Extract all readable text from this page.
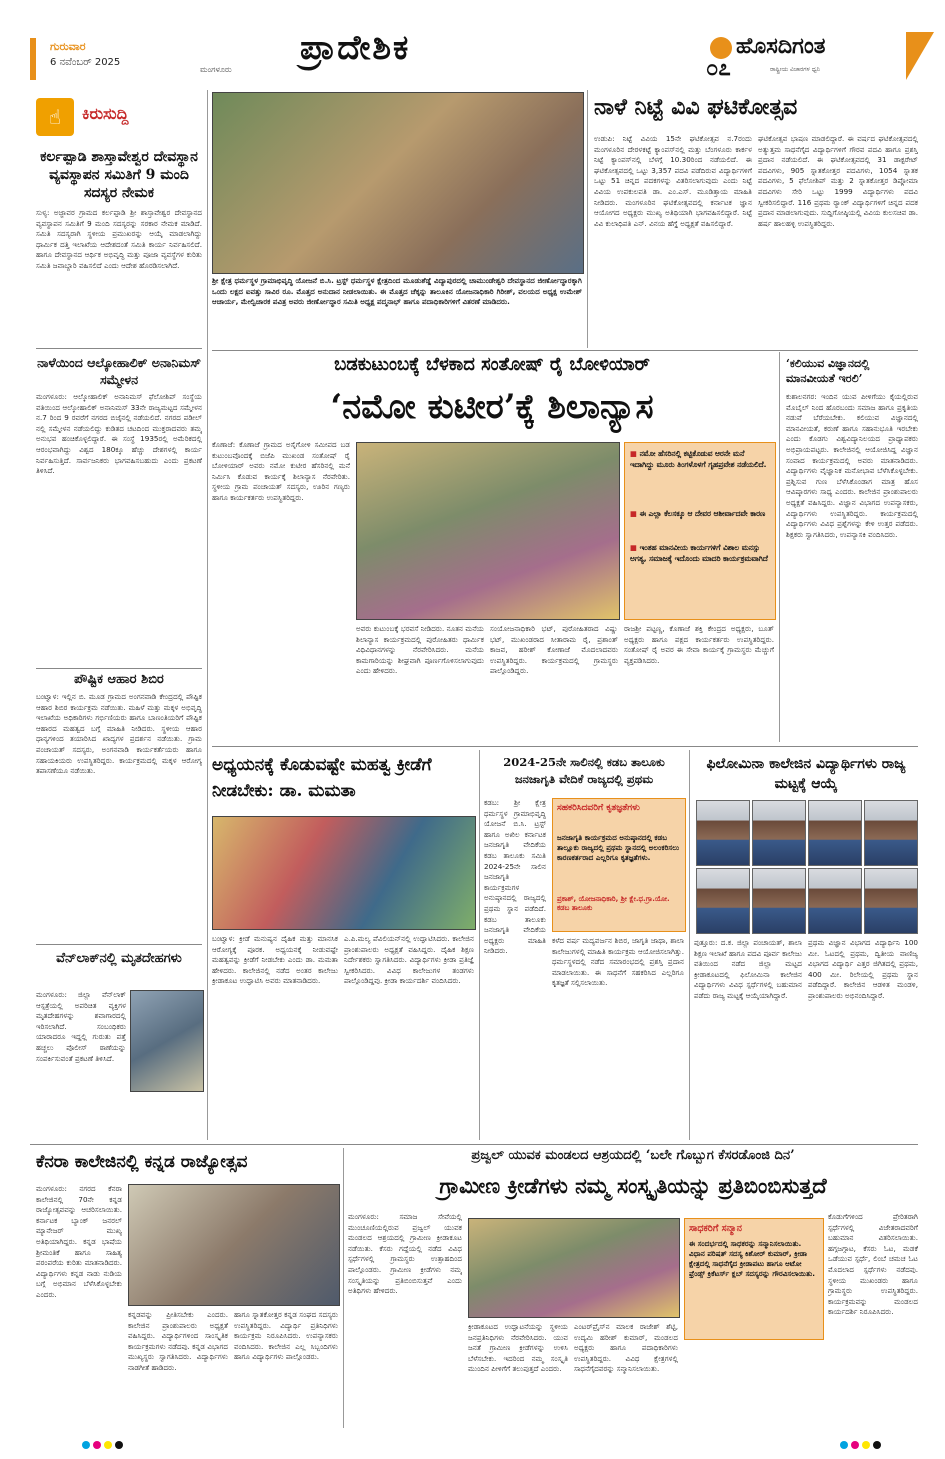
ಗುರುವಾರ
6 ನವೆಂಬರ್ 2025
ಮಂಗಳೂರು
ಪ್ರಾದೇಶಿಕ	ಹೊಸದಿಗಂತ
ರಾಷ್ಟ್ರೀಯ ವಿಚಾರಗಳ ಧ್ವನಿ
೦೭
☝	ಕಿರುಸುದ್ದಿ
ಕರ್ಲಪ್ಪಾಡಿ ಶಾಸ್ತಾವೇಶ್ವರ ದೇವಸ್ಥಾನ ವ್ಯವಸ್ಥಾಪನ ಸಮಿತಿಗೆ 9 ಮಂದಿ ಸದಸ್ಯರ ನೇಮಕ
ಸುಳ್ಯ: ಅಜ್ಜಾವರ ಗ್ರಾಮದ ಕರ್ಲಪ್ಪಾಡಿ ಶ್ರೀ ಶಾಸ್ತಾವೇಶ್ವರ ದೇವಸ್ಥಾನದ ವ್ಯವಸ್ಥಾಪನ ಸಮಿತಿಗೆ 9 ಮಂದಿ ಸದಸ್ಯರನ್ನು ಸರಕಾರ ನೇಮಕ ಮಾಡಿದೆ. ಸಮಿತಿ ಸದಸ್ಯರಾಗಿ ಸ್ಥಳೀಯ ಪ್ರಮುಖರನ್ನು ಆಯ್ಕೆ ಮಾಡಲಾಗಿದ್ದು ಧಾರ್ಮಿಕ ದತ್ತಿ ಇಲಾಖೆಯ ಆದೇಶದಂತೆ ಸಮಿತಿ ಕಾರ್ಯ ನಿರ್ವಹಿಸಲಿದೆ. ಹಾಗೂ ದೇವಸ್ಥಾನದ ಆರ್ಥಿಕ ಅಭಿವೃದ್ಧಿ ಮತ್ತು ಪೂಜಾ ವ್ಯವಸ್ಥೆಗಳ ಕುರಿತು ಸಮಿತಿ ಜವಾಬ್ದಾರಿ ವಹಿಸಲಿದೆ ಎಂದು ಆದೇಶ ಹೊರಡಿಸಲಾಗಿದೆ.
ನಾಳೆಯಿಂದ ಆಲ್ಕೋಹಾಲಿಕ್ ಅನಾನಿಮಸ್ ಸಮ್ಮೇಳನ
ಮಂಗಳೂರು: ಆಲ್ಕೋಹಾಲಿಕ್ ಅನಾನಿಮಸ್ ಫೆಲೋಶಿಪ್ ಸಂಸ್ಥೆಯ ವತಿಯಿಂದ ಆಲ್ಕೋಹಾಲಿಕ್ ಅನಾನಿಮಸ್ 33ನೇ ರಾಜ್ಯಮಟ್ಟದ ಸಮ್ಮೇಳನ ನ.7 ರಿಂದ 9 ರವರೆಗೆ ನಗರದ ಬಿಜೈನಲ್ಲಿ ನಡೆಯಲಿದೆ. ನಗರದ ಪಡೀಲ್ ನಲ್ಲಿ ಸಮ್ಮೇಳನ ನಡೆಯಲಿದ್ದು ಕುಡಿತದ ಚಟದಿಂದ ಮುಕ್ತರಾದವರು ತಮ್ಮ ಅನುಭವ ಹಂಚಿಕೊಳ್ಳಲಿದ್ದಾರೆ. ಈ ಸಂಸ್ಥೆ 1935ರಲ್ಲಿ ಅಮೆರಿಕದಲ್ಲಿ ಆರಂಭವಾಗಿದ್ದು ವಿಶ್ವದ 180ಕ್ಕೂ ಹೆಚ್ಚು ದೇಶಗಳಲ್ಲಿ ಕಾರ್ಯ ನಿರ್ವಹಿಸುತ್ತಿದೆ. ಸಾರ್ವಜನಿಕರು ಭಾಗವಹಿಸಬಹುದು ಎಂದು ಪ್ರಕಟಣೆ ತಿಳಿಸಿದೆ.
ಪೌಷ್ಟಿಕ ಆಹಾರ ಶಿಬಿರ
ಬಂಟ್ವಾಳ: ಇಲ್ಲಿನ ಬಿ. ಮೂಡ ಗ್ರಾಮದ ಅಂಗನವಾಡಿ ಕೇಂದ್ರದಲ್ಲಿ ಪೌಷ್ಟಿಕ ಆಹಾರ ಶಿಬಿರ ಕಾರ್ಯಕ್ರಮ ನಡೆಯಿತು. ಮಹಿಳೆ ಮತ್ತು ಮಕ್ಕಳ ಅಭಿವೃದ್ಧಿ ಇಲಾಖೆಯ ಅಧಿಕಾರಿಗಳು ಗರ್ಭಿಣಿಯರು ಹಾಗೂ ಬಾಣಂತಿಯರಿಗೆ ಪೌಷ್ಟಿಕ ಆಹಾರದ ಮಹತ್ವದ ಬಗ್ಗೆ ಮಾಹಿತಿ ನೀಡಿದರು. ಸ್ಥಳೀಯ ಆಹಾರ ಧಾನ್ಯಗಳಿಂದ ತಯಾರಿಸಿದ ಖಾದ್ಯಗಳ ಪ್ರದರ್ಶನ ನಡೆಯಿತು. ಗ್ರಾಮ ಪಂಚಾಯತ್ ಸದಸ್ಯರು, ಅಂಗನವಾಡಿ ಕಾರ್ಯಕರ್ತೆಯರು ಹಾಗೂ ಸಹಾಯಕಿಯರು ಉಪಸ್ಥಿತರಿದ್ದರು. ಕಾರ್ಯಕ್ರಮದಲ್ಲಿ ಮಕ್ಕಳ ಆರೋಗ್ಯ ತಪಾಸಣೆಯೂ ನಡೆಯಿತು.
ವೆನ್‌ಲಾಕ್‌ನಲ್ಲಿ ಮೃತದೇಹಗಳು
ಮಂಗಳೂರು: ಜಿಲ್ಲಾ ವೆನ್‌ಲಾಕ್ ಆಸ್ಪತ್ರೆಯಲ್ಲಿ ಅಪರಿಚಿತ ವ್ಯಕ್ತಿಗಳ ಮೃತದೇಹಗಳನ್ನು ಶವಾಗಾರದಲ್ಲಿ ಇರಿಸಲಾಗಿದೆ. ಸಂಬಂಧಿಕರು ಯಾರಾದರೂ ಇದ್ದಲ್ಲಿ ಗುರುತು ಪತ್ತೆ ಹಚ್ಚಲು ಪೊಲೀಸ್ ಠಾಣೆಯನ್ನು ಸಂಪರ್ಕಿಸುವಂತೆ ಪ್ರಕಟಣೆ ತಿಳಿಸಿದೆ.
ಶ್ರೀ ಕ್ಷೇತ್ರ ಧರ್ಮಸ್ಥಳ ಗ್ರಾಮಾಭಿವೃದ್ಧಿ ಯೋಜನೆ ಬಿ.ಸಿ. ಟ್ರಸ್ಟ್ ಧರ್ಮಸ್ಥಳ ಕ್ಷೇತ್ರದಿಂದ ಮೂಡುಶೆಡ್ಡೆ ವಿದ್ಯಾಪುರದಲ್ಲಿ ಚಾಮುಂಡೇಶ್ವರಿ ದೇವಸ್ಥಾನದ ಜೀರ್ಣೋದ್ಧಾರಕ್ಕಾಗಿ ಒಂದು ಲಕ್ಷದ ಐವತ್ತು ಸಾವಿರ ರೂ. ಮೊತ್ತದ ಅನುದಾನ ನೀಡಲಾಯಿತು. ಈ ಮೊತ್ತದ ಚೆಕ್ಕನ್ನು ತಾಲೂಕಿನ ಯೋಜನಾಧಿಕಾರಿ ಗಿರೀಶ್, ವಲಯದ ಅಧ್ಯಕ್ಷ ಉಮೇಶ್ ಆಚಾರ್ಯ, ಮೇಲ್ವಿಚಾರಕ ಪವಿತ್ರ ಅವರು ಜೀರ್ಣೋದ್ಧಾರ ಸಮಿತಿ ಅಧ್ಯಕ್ಷ ಪದ್ಮನಾಭ್ ಹಾಗೂ ಪದಾಧಿಕಾರಿಗಳಿಗೆ ವಿತರಣೆ ಮಾಡಿದರು.
ನಾಳೆ ನಿಟ್ಟೆ ವಿವಿ ಘಟಿಕೋತ್ಸವ
ಉಡುಪಿ: ನಿಟ್ಟೆ ವಿವಿಯ 15ನೇ ಘಟಿಕೋತ್ಸವ ನ.7ರಂದು ಮಂಗಳೂರಿನ ದೇರಳಕಟ್ಟೆ ಕ್ಯಾಂಪಸ್‌ನಲ್ಲಿ ಮತ್ತು ಬೆಂಗಳೂರು ಕಾರ್ಕಳ ನಿಟ್ಟೆ ಕ್ಯಾಂಪಸ್‌ನಲ್ಲಿ ಬೆಳಗ್ಗೆ 10.30ರಿಂದ ನಡೆಯಲಿದೆ. ಈ ಘಟಿಕೋತ್ಸವದಲ್ಲಿ ಒಟ್ಟು 3,357 ಪದವಿ ಪಡೆದಿರುವ ವಿದ್ಯಾರ್ಥಿಗಳಿಗೆ ಒಟ್ಟು 51 ಚಿನ್ನದ ಪದಕಗಳನ್ನು ವಿತರಿಸಲಾಗುವುದು ಎಂದು ನಿಟ್ಟೆ ವಿವಿಯ ಉಪಕುಲಪತಿ ಡಾ. ಎಂ.ಎಸ್. ಮೂಡಿತ್ತಾಯ ಮಾಹಿತಿ ನೀಡಿದರು. ಮಂಗಳೂರಿನ ಘಟಿಕೋತ್ಸವದಲ್ಲಿ ಕರ್ನಾಟಕ ಜ್ಞಾನ ಆಯೋಗದ ಅಧ್ಯಕ್ಷರು ಮುಖ್ಯ ಅತಿಥಿಯಾಗಿ ಭಾಗವಹಿಸಲಿದ್ದಾರೆ. ನಿಟ್ಟೆ ವಿವಿ ಕುಲಾಧಿಪತಿ ಎನ್. ವಿನಯ ಹೆಗ್ಡೆ ಅಧ್ಯಕ್ಷತೆ ವಹಿಸಲಿದ್ದಾರೆ.
ಘಟಿಕೋತ್ಸವ ಭಾಷಣ ಮಾಡಲಿದ್ದಾರೆ. ಈ ವರ್ಷದ ಘಟಿಕೋತ್ಸವದಲ್ಲಿ ಅತ್ಯುತ್ತಮ ಸಾಧನೆಗೈದ ವಿದ್ಯಾರ್ಥಿಗಳಿಗೆ ಗೌರವ ಪದವಿ ಹಾಗೂ ಪ್ರಶಸ್ತಿ ಪ್ರದಾನ ನಡೆಯಲಿದೆ. ಈ ಘಟಿಕೋತ್ಸವದಲ್ಲಿ 31 ಡಾಕ್ಟರೇಟ್ ಪದವಿಗಳು, 905 ಸ್ನಾತಕೋತ್ತರ ಪದವಿಗಳು, 1054 ಸ್ನಾತಕ ಪದವಿಗಳು, 5 ಫೆಲೋಶಿಪ್ ಮತ್ತು 2 ಸ್ನಾತಕೋತ್ತರ ಡಿಪ್ಲೋಮಾ ಪದವಿಗಳು ಸೇರಿ ಒಟ್ಟು 1999 ವಿದ್ಯಾರ್ಥಿಗಳು ಪದವಿ ಸ್ವೀಕರಿಸಲಿದ್ದಾರೆ. 116 ಪ್ರಥಮ ರ‍್ಯಾಂಕ್ ವಿದ್ಯಾರ್ಥಿಗಳಿಗೆ ಚಿನ್ನದ ಪದಕ ಪ್ರದಾನ ಮಾಡಲಾಗುವುದು. ಸುದ್ದಿಗೋಷ್ಠಿಯಲ್ಲಿ ವಿವಿಯ ಕುಲಸಚಿವ ಡಾ. ಹರ್ಷ ಹಾಲಹಳ್ಳಿ ಉಪಸ್ಥಿತರಿದ್ದರು.
ಬಡಕುಟುಂಬಕ್ಕೆ ಬೆಳಕಾದ ಸಂತೋಷ್ ರೈ ಬೋಳಿಯಾರ್
‘ನಮೋ ಕುಟೀರ’ಕ್ಕೆ ಶಿಲಾನ್ಯಾಸ
ಕೊಣಾಜೆ: ಕೊಣಾಜೆ ಗ್ರಾಮದ ಅಸೈಗೋಳಿ ಸಮೀಪದ ಬಡ ಕುಟುಂಬವೊಂದಕ್ಕೆ ಬಿಜೆಪಿ ಮುಖಂಡ ಸಂತೋಷ್ ರೈ ಬೋಳಿಯಾರ್ ಅವರು ನಮೋ ಕುಟೀರ ಹೆಸರಿನಲ್ಲಿ ಮನೆ ನಿರ್ಮಿಸಿ ಕೊಡುವ ಕಾರ್ಯಕ್ಕೆ ಶಿಲಾನ್ಯಾಸ ನೆರವೇರಿತು. ಸ್ಥಳೀಯ ಗ್ರಾಮ ಪಂಚಾಯತ್ ಸದಸ್ಯರು, ಊರಿನ ಗಣ್ಯರು ಹಾಗೂ ಕಾರ್ಯಕರ್ತರು ಉಪಸ್ಥಿತರಿದ್ದರು.
■ ನಮೋ ಹೆಸರಿನಲ್ಲಿ ಕಟ್ಟಿಕೊಡುವ ಆರನೇ ಮನೆ ಇದಾಗಿದ್ದು ಮೂರು ತಿಂಗಳೊಳಗೆ ಗೃಹಪ್ರವೇಶ ನಡೆಯಲಿದೆ.
■ ಈ ಎಲ್ಲಾ ಕೆಲಸಕ್ಕೂ ಆ ದೇವರ ಆಶೀರ್ವಾದವೇ ಕಾರಣ
■ ಇಂತಹ ಮಾನವೀಯ ಕಾರ್ಯಗಳಿಗೆ ವಿಶಾಲ ಮನಸ್ಸು ಅಗತ್ಯ, ಸಮಾಜಕ್ಕೆ ಇದೊಂದು ಮಾದರಿ ಕಾರ್ಯಕ್ರಮವಾಗಿದೆ
ಅವರು ಕುಟುಂಬಕ್ಕೆ ಭರವಸೆ ನೀಡಿದರು. ನೂತನ ಮನೆಯ ಶಿಲಾನ್ಯಾಸ ಕಾರ್ಯಕ್ರಮದಲ್ಲಿ ಪುರೋಹಿತರು ಧಾರ್ಮಿಕ ವಿಧಿವಿಧಾನಗಳನ್ನು ನೆರವೇರಿಸಿದರು. ಮನೆಯ ಕಾಮಗಾರಿಯನ್ನು ಶೀಘ್ರವಾಗಿ ಪೂರ್ಣಗೊಳಿಸಲಾಗುವುದು ಎಂದು ಹೇಳಿದರು.
ಸಂಯೋಜನಾಧಿಕಾರಿ ಭಟ್, ಪುರೋಹಿತರಾದ ವಿಷ್ಣು ಭಟ್, ಮುಖಂಡರಾದ ಸೀತಾರಾಮ ರೈ, ಪ್ರಶಾಂತ್ ಕಾಜವ, ಹರೀಶ್ ಕೋಣಾಜೆ ಮೊದಲಾದವರು ಉಪಸ್ಥಿತರಿದ್ದರು. ಕಾರ್ಯಕ್ರಮದಲ್ಲಿ ಗ್ರಾಮಸ್ಥರು ಪಾಲ್ಗೊಂಡಿದ್ದರು.
ರಾಜಶ್ರೀ ಪಟ್ಟಣ್ಣ, ಕೊಣಾಜೆ ಶಕ್ತಿ ಕೇಂದ್ರದ ಅಧ್ಯಕ್ಷರು, ಬೂತ್ ಅಧ್ಯಕ್ಷರು ಹಾಗೂ ಪಕ್ಷದ ಕಾರ್ಯಕರ್ತರು ಉಪಸ್ಥಿತರಿದ್ದರು. ಸಂತೋಷ್ ರೈ ಅವರ ಈ ಸೇವಾ ಕಾರ್ಯಕ್ಕೆ ಗ್ರಾಮಸ್ಥರು ಮೆಚ್ಚುಗೆ ವ್ಯಕ್ತಪಡಿಸಿದರು.
‘ಕಲಿಯುವ ವಿಜ್ಞಾನದಲ್ಲಿ ಮಾನವೀಯತೆ ಇರಲಿ’
ಕುಶಾಲನಗರ: ಇಂದಿನ ಯುವ ಪೀಳಿಗೆಯು ಕೈಯಲ್ಲಿರುವ ಮೊಬೈಲ್ ನಿಂದ ಹೊರಬಂದು ಸಮಾಜ ಹಾಗೂ ಪ್ರಕೃತಿಯ ನಡುವೆ ಬೆರೆಯಬೇಕು. ಕಲಿಯುವ ವಿಜ್ಞಾನದಲ್ಲಿ ಮಾನವೀಯತೆ, ಕರುಣೆ ಹಾಗೂ ಸಹಾನುಭೂತಿ ಇರಬೇಕು ಎಂದು ಕೊಡಗು ವಿಶ್ವವಿದ್ಯಾನಿಲಯದ ಪ್ರಾಧ್ಯಾಪಕರು ಅಭಿಪ್ರಾಯಪಟ್ಟರು. ಕಾಲೇಜಿನಲ್ಲಿ ಆಯೋಜಿಸಿದ್ದ ವಿಜ್ಞಾನ ಸಂವಾದ ಕಾರ್ಯಕ್ರಮದಲ್ಲಿ ಅವರು ಮಾತನಾಡಿದರು. ವಿದ್ಯಾರ್ಥಿಗಳು ವೈಜ್ಞಾನಿಕ ಮನೋಭಾವ ಬೆಳೆಸಿಕೊಳ್ಳಬೇಕು. ಪ್ರಶ್ನಿಸುವ ಗುಣ ಬೆಳೆಸಿಕೊಂಡಾಗ ಮಾತ್ರ ಹೊಸ ಆವಿಷ್ಕಾರಗಳು ಸಾಧ್ಯ ಎಂದರು. ಕಾಲೇಜಿನ ಪ್ರಾಂಶುಪಾಲರು ಅಧ್ಯಕ್ಷತೆ ವಹಿಸಿದ್ದರು. ವಿಜ್ಞಾನ ವಿಭಾಗದ ಉಪನ್ಯಾಸಕರು, ವಿದ್ಯಾರ್ಥಿಗಳು ಉಪಸ್ಥಿತರಿದ್ದರು. ಕಾರ್ಯಕ್ರಮದಲ್ಲಿ ವಿದ್ಯಾರ್ಥಿಗಳು ವಿವಿಧ ಪ್ರಶ್ನೆಗಳನ್ನು ಕೇಳಿ ಉತ್ತರ ಪಡೆದರು. ಶಿಕ್ಷಕರು ಸ್ವಾಗತಿಸಿದರು, ಉಪನ್ಯಾಸಕಿ ವಂದಿಸಿದರು.
ಅಧ್ಯಯನಕ್ಕೆ ಕೊಡುವಷ್ಟೇ ಮಹತ್ವ ಕ್ರೀಡೆಗೆ ನೀಡಬೇಕು: ಡಾ. ಮಮತಾ
ಬಂಟ್ವಾಳ: ಕ್ರೀಡೆ ಮನುಷ್ಯನ ದೈಹಿಕ ಮತ್ತು ಮಾನಸಿಕ ಆರೋಗ್ಯಕ್ಕೆ ಪೂರಕ. ಅಧ್ಯಯನಕ್ಕೆ ನೀಡುವಷ್ಟೇ ಮಹತ್ವವನ್ನು ಕ್ರೀಡೆಗೆ ನೀಡಬೇಕು ಎಂದು ಡಾ. ಮಮತಾ ಹೇಳಿದರು. ಕಾಲೇಜಿನಲ್ಲಿ ನಡೆದ ಅಂತರ ಕಾಲೇಜು ಕ್ರೀಡಾಕೂಟ ಉದ್ಘಾಟಿಸಿ ಅವರು ಮಾತನಾಡಿದರು.
ಎ.ಪಿ.ಮಲ್ಯ ಪೆವಿಲಿಯನ್‌ನಲ್ಲಿ ಉದ್ಘಾಟಿಸಿದರು. ಕಾಲೇಜಿನ ಪ್ರಾಂಶುಪಾಲರು ಅಧ್ಯಕ್ಷತೆ ವಹಿಸಿದ್ದರು. ದೈಹಿಕ ಶಿಕ್ಷಣ ನಿರ್ದೇಶಕರು ಸ್ವಾಗತಿಸಿದರು. ವಿದ್ಯಾರ್ಥಿಗಳು ಕ್ರೀಡಾ ಪ್ರತಿಜ್ಞೆ ಸ್ವೀಕರಿಸಿದರು. ವಿವಿಧ ಕಾಲೇಜುಗಳ ತಂಡಗಳು ಪಾಲ್ಗೊಂಡಿದ್ದವು. ಕ್ರೀಡಾ ಕಾರ್ಯದರ್ಶಿ ವಂದಿಸಿದರು.
2024-25ನೇ ಸಾಲಿನಲ್ಲಿ ಕಡಬ ತಾಲೂಕು ಜನಜಾಗೃತಿ ವೇದಿಕೆ ರಾಜ್ಯದಲ್ಲಿ ಪ್ರಥಮ
ಕಡಬ: ಶ್ರೀ ಕ್ಷೇತ್ರ ಧರ್ಮಸ್ಥಳ ಗ್ರಾಮಾಭಿವೃದ್ಧಿ ಯೋಜನೆ ಬಿ.ಸಿ. ಟ್ರಸ್ಟ್ ಹಾಗೂ ಅಖಿಲ ಕರ್ನಾಟಕ ಜನಜಾಗೃತಿ ವೇದಿಕೆಯ ಕಡಬ ತಾಲೂಕು ಸಮಿತಿ 2024-25ನೇ ಸಾಲಿನ ಜನಜಾಗೃತಿ ಕಾರ್ಯಕ್ರಮಗಳ ಅನುಷ್ಠಾನದಲ್ಲಿ ರಾಜ್ಯದಲ್ಲಿ ಪ್ರಥಮ ಸ್ಥಾನ ಪಡೆದಿದೆ. ಕಡಬ ತಾಲೂಕು ಜನಜಾಗೃತಿ ವೇದಿಕೆಯ ಅಧ್ಯಕ್ಷರು ಮಾಹಿತಿ ನೀಡಿದರು.
ಸಹಕರಿಸಿದವರಿಗೆ ಕೃತಜ್ಞತೆಗಳು
ಜನಜಾಗೃತಿ ಕಾರ್ಯಕ್ರಮದ ಅನುಷ್ಠಾನದಲ್ಲಿ ಕಡಬ ತಾಲ್ಲೂಕು ರಾಜ್ಯದಲ್ಲಿ ಪ್ರಥಮ ಸ್ಥಾನದಲ್ಲಿ ಅಲಂಕರಿಸಲು ಕಾರಣಕರ್ತರಾದ ಎಲ್ಲರಿಗೂ ಕೃತಜ್ಞತೆಗಳು.
ಪ್ರಕಾಶ್, ಯೋಜನಾಧಿಕಾರಿ, ಶ್ರೀ ಕ್ಷೇ.ಧ.ಗ್ರಾ.ಯೋ. ಕಡಬ ತಾಲೂಕು
ಕಳೆದ ವರ್ಷ ಮದ್ಯವರ್ಜನ ಶಿಬಿರ, ಜಾಗೃತಿ ಜಾಥಾ, ಶಾಲಾ ಕಾಲೇಜುಗಳಲ್ಲಿ ಮಾಹಿತಿ ಕಾರ್ಯಕ್ರಮ ಆಯೋಜಿಸಲಾಗಿತ್ತು. ಧರ್ಮಸ್ಥಳದಲ್ಲಿ ನಡೆದ ಸಮಾರಂಭದಲ್ಲಿ ಪ್ರಶಸ್ತಿ ಪ್ರದಾನ ಮಾಡಲಾಯಿತು. ಈ ಸಾಧನೆಗೆ ಸಹಕರಿಸಿದ ಎಲ್ಲರಿಗೂ ಕೃತಜ್ಞತೆ ಸಲ್ಲಿಸಲಾಯಿತು.
ಫಿಲೋಮಿನಾ ಕಾಲೇಜಿನ ವಿದ್ಯಾರ್ಥಿಗಳು ರಾಜ್ಯ ಮಟ್ಟಕ್ಕೆ ಆಯ್ಕೆ
ಪುತ್ತೂರು: ದ.ಕ. ಜಿಲ್ಲಾ ಪಂಚಾಯತ್, ಶಾಲಾ ಶಿಕ್ಷಣ ಇಲಾಖೆ ಹಾಗೂ ಪದವಿ ಪೂರ್ವ ಕಾಲೇಜು ವತಿಯಿಂದ ನಡೆದ ಜಿಲ್ಲಾ ಮಟ್ಟದ ಕ್ರೀಡಾಕೂಟದಲ್ಲಿ ಫಿಲೋಮಿನಾ ಕಾಲೇಜಿನ ವಿದ್ಯಾರ್ಥಿಗಳು ವಿವಿಧ ಸ್ಪರ್ಧೆಗಳಲ್ಲಿ ಬಹುಮಾನ ಪಡೆದು ರಾಜ್ಯ ಮಟ್ಟಕ್ಕೆ ಆಯ್ಕೆಯಾಗಿದ್ದಾರೆ.
ಪ್ರಥಮ ವಿಜ್ಞಾನ ವಿಭಾಗದ ವಿದ್ಯಾರ್ಥಿನಿ 100 ಮೀ. ಓಟದಲ್ಲಿ ಪ್ರಥಮ, ದ್ವಿತೀಯ ವಾಣಿಜ್ಯ ವಿಭಾಗದ ವಿದ್ಯಾರ್ಥಿ ಎತ್ತರ ಜಿಗಿತದಲ್ಲಿ ಪ್ರಥಮ, 400 ಮೀ. ರಿಲೇಯಲ್ಲಿ ಪ್ರಥಮ ಸ್ಥಾನ ಪಡೆದಿದ್ದಾರೆ. ಕಾಲೇಜಿನ ಆಡಳಿತ ಮಂಡಳಿ, ಪ್ರಾಂಶುಪಾಲರು ಅಭಿನಂದಿಸಿದ್ದಾರೆ.
ಕೆನರಾ ಕಾಲೇಜಿನಲ್ಲಿ ಕನ್ನಡ ರಾಜ್ಯೋತ್ಸವ
ಮಂಗಳೂರು: ನಗರದ ಕೆನರಾ ಕಾಲೇಜಿನಲ್ಲಿ 70ನೇ ಕನ್ನಡ ರಾಜ್ಯೋತ್ಸವವನ್ನು ಆಚರಿಸಲಾಯಿತು. ಕರ್ನಾಟಕ ಬ್ಯಾಂಕ್ ಜನರಲ್ ಮ್ಯಾನೇಜರ್ ಮುಖ್ಯ ಅತಿಥಿಯಾಗಿದ್ದರು. ಕನ್ನಡ ಭಾಷೆಯ ಶ್ರೀಮಂತಿಕೆ ಹಾಗೂ ಸಾಹಿತ್ಯ ಪರಂಪರೆಯ ಕುರಿತು ಮಾತನಾಡಿದರು. ವಿದ್ಯಾರ್ಥಿಗಳು ಕನ್ನಡ ನಾಡು ನುಡಿಯ ಬಗ್ಗೆ ಅಭಿಮಾನ ಬೆಳೆಸಿಕೊಳ್ಳಬೇಕು ಎಂದರು.
ಕನ್ನಡವನ್ನು ಪ್ರೀತಿಸಬೇಕು ಎಂದರು. ಕಾಲೇಜಿನ ಪ್ರಾಂಶುಪಾಲರು ಅಧ್ಯಕ್ಷತೆ ವಹಿಸಿದ್ದರು. ವಿದ್ಯಾರ್ಥಿಗಳಿಂದ ಸಾಂಸ್ಕೃತಿಕ ಕಾರ್ಯಕ್ರಮಗಳು ನಡೆದವು. ಕನ್ನಡ ವಿಭಾಗದ ಮುಖ್ಯಸ್ಥರು ಸ್ವಾಗತಿಸಿದರು. ವಿದ್ಯಾರ್ಥಿಗಳು ನಾಡಗೀತೆ ಹಾಡಿದರು.
ಹಾಗೂ ಸ್ನಾತಕೋತ್ತರ ಕನ್ನಡ ಸಂಘದ ಸದಸ್ಯರು ಉಪಸ್ಥಿತರಿದ್ದರು. ವಿದ್ಯಾರ್ಥಿ ಪ್ರತಿನಿಧಿಗಳು ಕಾರ್ಯಕ್ರಮ ನಿರೂಪಿಸಿದರು. ಉಪನ್ಯಾಸಕರು ವಂದಿಸಿದರು. ಕಾಲೇಜಿನ ಎಲ್ಲ ಸಿಬ್ಬಂದಿಗಳು ಹಾಗೂ ವಿದ್ಯಾರ್ಥಿಗಳು ಪಾಲ್ಗೊಂಡರು.
ಪ್ರಜ್ವಲ್ ಯುವಕ ಮಂಡಲದ ಆಶ್ರಯದಲ್ಲಿ ‘ಬಲೇ ಗೊಬ್ಬುಗ ಕೆಸರಡೊಂಜಿ ದಿನ’
ಗ್ರಾಮೀಣ ಕ್ರೀಡೆಗಳು ನಮ್ಮ ಸಂಸ್ಕೃತಿಯನ್ನು ಪ್ರತಿಬಿಂಬಿಸುತ್ತದೆ
ಮಂಗಳೂರು: ಸಮಾಜ ಸೇವೆಯಲ್ಲಿ ಮುಂಚೂಣಿಯಲ್ಲಿರುವ ಪ್ರಜ್ವಲ್ ಯುವಕ ಮಂಡಲದ ಆಶ್ರಯದಲ್ಲಿ ಗ್ರಾಮೀಣ ಕ್ರೀಡಾಕೂಟ ನಡೆಯಿತು. ಕೆಸರು ಗದ್ದೆಯಲ್ಲಿ ನಡೆದ ವಿವಿಧ ಸ್ಪರ್ಧೆಗಳಲ್ಲಿ ಗ್ರಾಮಸ್ಥರು ಉತ್ಸಾಹದಿಂದ ಪಾಲ್ಗೊಂಡರು. ಗ್ರಾಮೀಣ ಕ್ರೀಡೆಗಳು ನಮ್ಮ ಸಂಸ್ಕೃತಿಯನ್ನು ಪ್ರತಿಬಿಂಬಿಸುತ್ತವೆ ಎಂದು ಅತಿಥಿಗಳು ಹೇಳಿದರು.
ಕ್ರೀಡಾಕೂಟದ ಉದ್ಘಾಟನೆಯನ್ನು ಸ್ಥಳೀಯ ಜನಪ್ರತಿನಿಧಿಗಳು ನೆರವೇರಿಸಿದರು. ಯುವ ಜನತೆ ಗ್ರಾಮೀಣ ಕ್ರೀಡೆಗಳನ್ನು ಉಳಿಸಿ ಬೆಳೆಸಬೇಕು. ಇದರಿಂದ ನಮ್ಮ ಸಂಸ್ಕೃತಿ ಮುಂದಿನ ಪೀಳಿಗೆಗೆ ತಲುಪುತ್ತದೆ ಎಂದರು.
ಎಂಟರ್‌ಪ್ರೈಸ್‌ನ ಮಾಲಕ ರಾಜೇಶ್ ಶೆಟ್ಟಿ, ಉದ್ಯಮಿ ಹರೀಶ್ ಕುಮಾರ್, ಮಂಡಲದ ಅಧ್ಯಕ್ಷರು ಹಾಗೂ ಪದಾಧಿಕಾರಿಗಳು ಉಪಸ್ಥಿತರಿದ್ದರು. ವಿವಿಧ ಕ್ಷೇತ್ರಗಳಲ್ಲಿ ಸಾಧನೆಗೈದವರನ್ನು ಸನ್ಮಾನಿಸಲಾಯಿತು.
ಸಾಧಕರಿಗೆ ಸನ್ಮಾನ
ಈ ಸಂದರ್ಭದಲ್ಲಿ ಸಾಧಕರನ್ನು ಸನ್ಮಾನಿಸಲಾಯಿತು. ವಿಧಾನ ಪರಿಷತ್ ಸದಸ್ಯ ಕಿಶೋರ್ ಕುಮಾರ್, ಕ್ರೀಡಾ ಕ್ಷೇತ್ರದಲ್ಲಿ ಸಾಧನೆಗೈದ ಕ್ರೀಡಾಪಟು ಹಾಗೂ ಆಟೋ ಫ್ರೆಂಡ್ಸ್ ಕ್ರಿಕೆಟರ್ಸ್ ಕ್ಲಬ್ ಸದಸ್ಯರನ್ನು ಗೌರವಿಸಲಾಯಿತು.
ಕೊಡುಗೆಗಳಿಂದ ಪ್ರೇರಿತರಾಗಿ ಸ್ಪರ್ಧೆಗಳಲ್ಲಿ ವಿಜೇತರಾದವರಿಗೆ ಬಹುಮಾನ ವಿತರಿಸಲಾಯಿತು. ಹಗ್ಗಜಗ್ಗಾಟ, ಕೆಸರು ಓಟ, ಮಡಕೆ ಒಡೆಯುವ ಸ್ಪರ್ಧೆ, ಲಿಂಬೆ ಚಮಚ ಓಟ ಮೊದಲಾದ ಸ್ಪರ್ಧೆಗಳು ನಡೆದವು. ಸ್ಥಳೀಯ ಮುಖಂಡರು ಹಾಗೂ ಗ್ರಾಮಸ್ಥರು ಉಪಸ್ಥಿತರಿದ್ದರು. ಕಾರ್ಯಕ್ರಮವನ್ನು ಮಂಡಲದ ಕಾರ್ಯದರ್ಶಿ ನಿರೂಪಿಸಿದರು.
